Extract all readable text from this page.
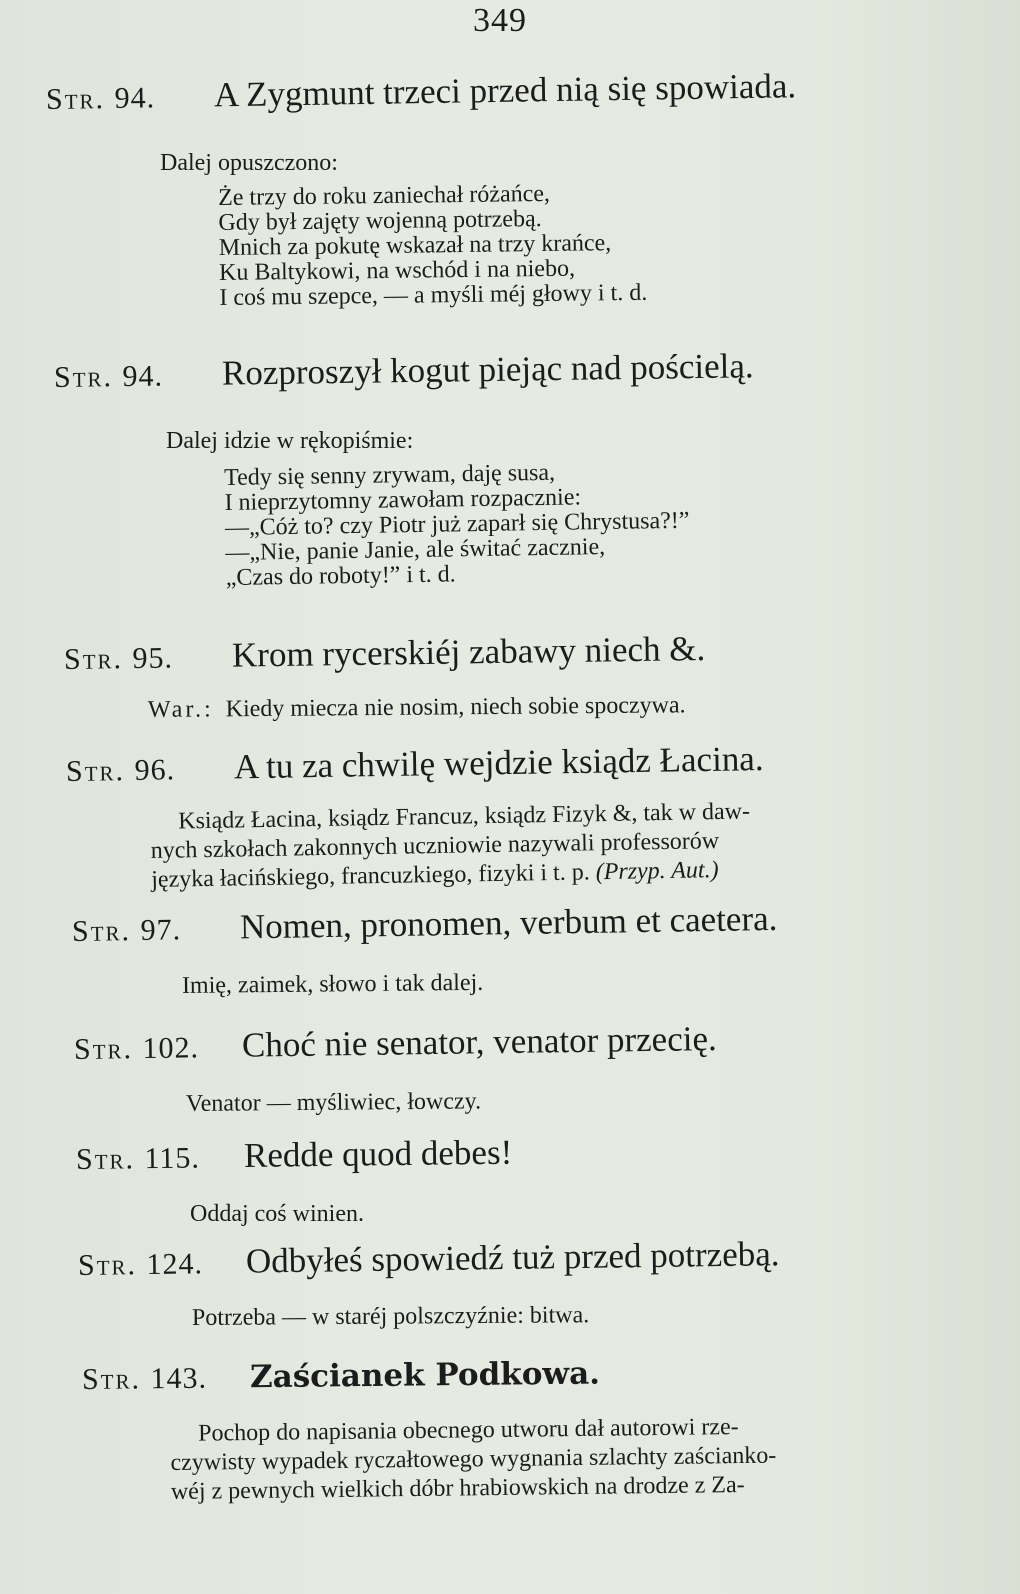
349
Str. 94. A Zygmunt trzeci przed nią się spowiada.
Dalej opuszczono:
Że trzy do roku zaniechał różańce,
Gdy był zajęty wojenną potrzebą.
Mnich za pokutę wskazał na trzy krańce,
Ku Baltykowi, na wschód i na niebo,
I coś mu szepce, — a myśli méj głowy i t. d.
Str. 94. Rozproszył kogut piejąc nad pościelą.
Dalej idzie w rękopiśmie:
Tedy się senny zrywam, daję susa,
I nieprzytomny zawołam rozpacznie:
—„Cóż to? czy Piotr już zaparł się Chrystusa?!”
—„Nie, panie Janie, ale świtać zacznie,
„Czas do roboty!” i t. d.
Str. 95. Krom rycerskiéj zabawy niech &.
War.: Kiedy miecza nie nosim, niech sobie spoczywa.
Str. 96. A tu za chwilę wejdzie ksiądz Łacina.
Ksiądz Łacina, ksiądz Francuz, ksiądz Fizyk &, tak w daw-
nych szkołach zakonnych uczniowie nazywali professorów
języka łacińskiego, francuzkiego, fizyki i t. p. (Przyp. Aut.)
Str. 97. Nomen, pronomen, verbum et caetera.
Imię, zaimek, słowo i tak dalej.
Str. 102. Choć nie senator, venator przecię.
Venator — myśliwiec, łowczy.
Str. 115. Redde quod debes!
Oddaj coś winien.
Str. 124. Odbyłeś spowiedź tuż przed potrzebą.
Potrzeba — w staréj polszczyźnie: bitwa.
Str. 143. Zaścianek Podkowa.
Pochop do napisania obecnego utworu dał autorowi rze-
czywisty wypadek ryczałtowego wygnania szlachty zaścianko-
wéj z pewnych wielkich dóbr hrabiowskich na drodze z Za-
